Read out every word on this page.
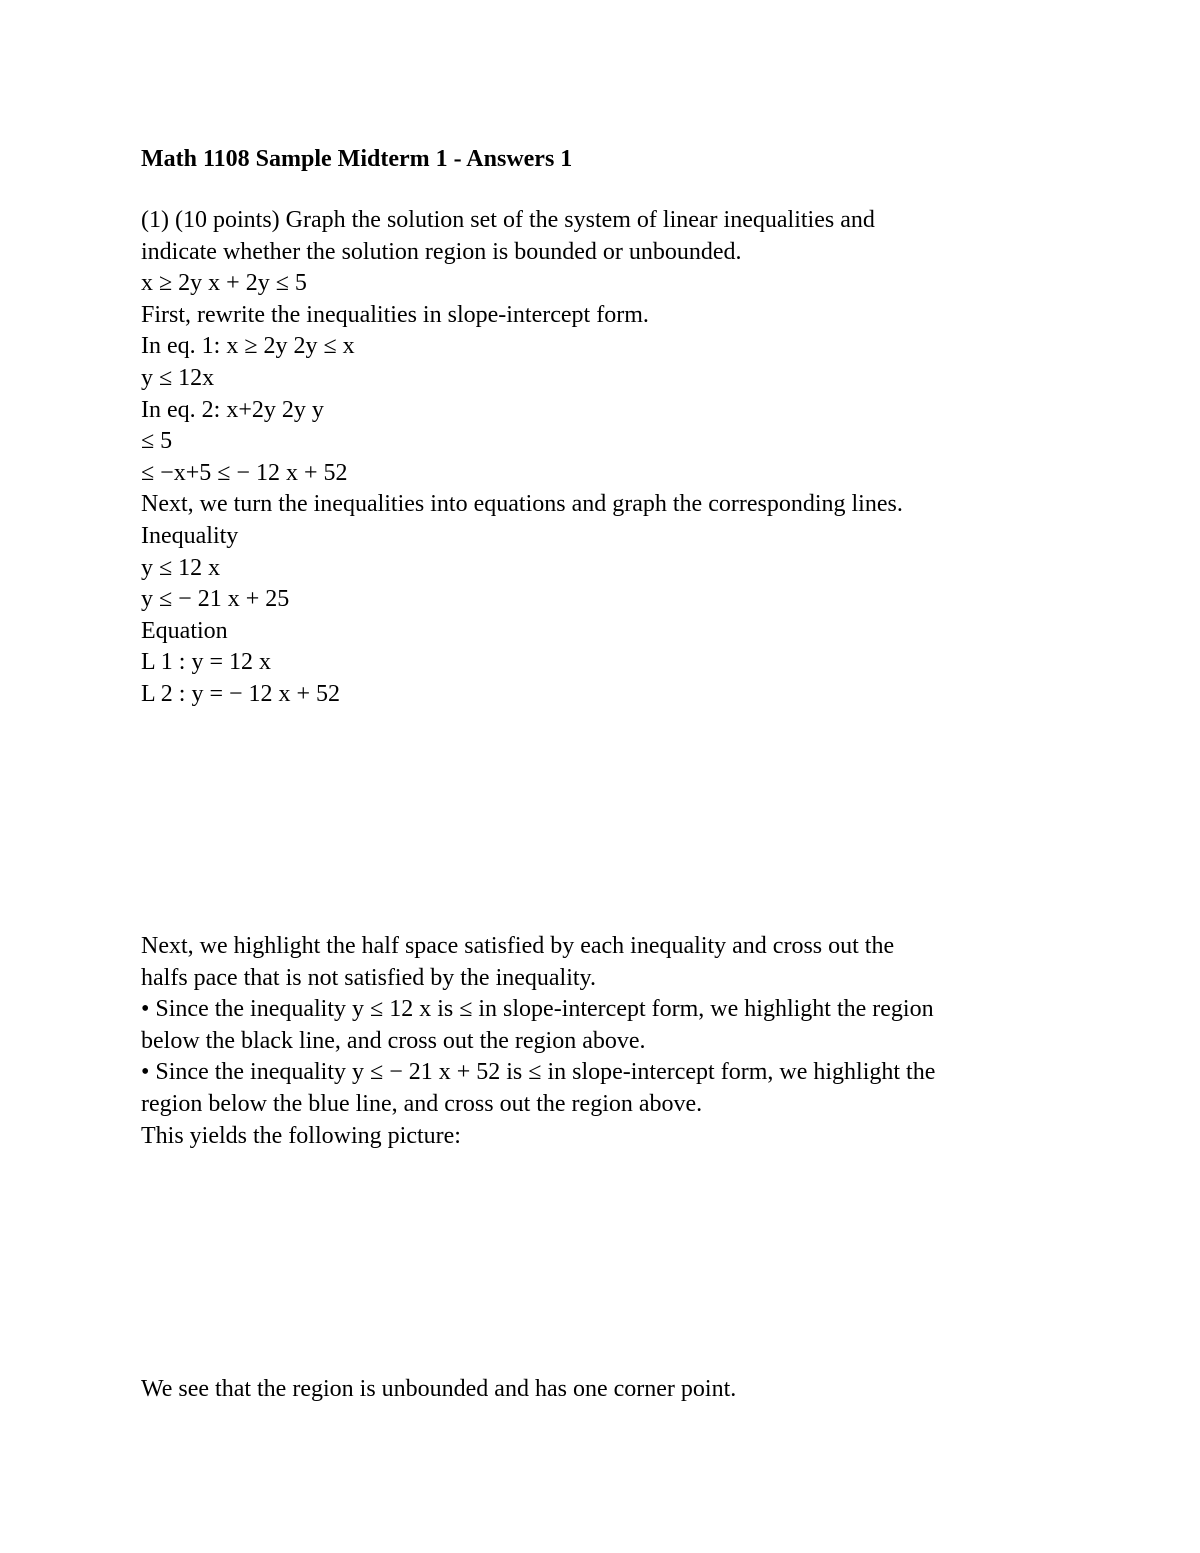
Math 1108 Sample Midterm 1 - Answers 1
(1) (10 points) Graph the solution set of the system of linear inequalities and
indicate whether the solution region is bounded or unbounded.
x ≥ 2y x + 2y ≤ 5
First, rewrite the inequalities in slope-intercept form.
In eq. 1: x ≥ 2y 2y ≤ x
y ≤ 12x
In eq. 2: x+2y 2y y
≤ 5
≤ −x+5 ≤ − 12 x + 52
Next, we turn the inequalities into equations and graph the corresponding lines.
Inequality
y ≤ 12 x
y ≤ − 21 x + 25
Equation
L 1 : y = 12 x
L 2 : y = − 12 x + 52
Next, we highlight the half space satisfied by each inequality and cross out the
halfs pace that is not satisfied by the inequality.
• Since the inequality y ≤ 12 x is ≤ in slope-intercept form, we highlight the region
below the black line, and cross out the region above.
• Since the inequality y ≤ − 21 x + 52 is ≤ in slope-intercept form, we highlight the
region below the blue line, and cross out the region above.
This yields the following picture:
We see that the region is unbounded and has one corner point.
